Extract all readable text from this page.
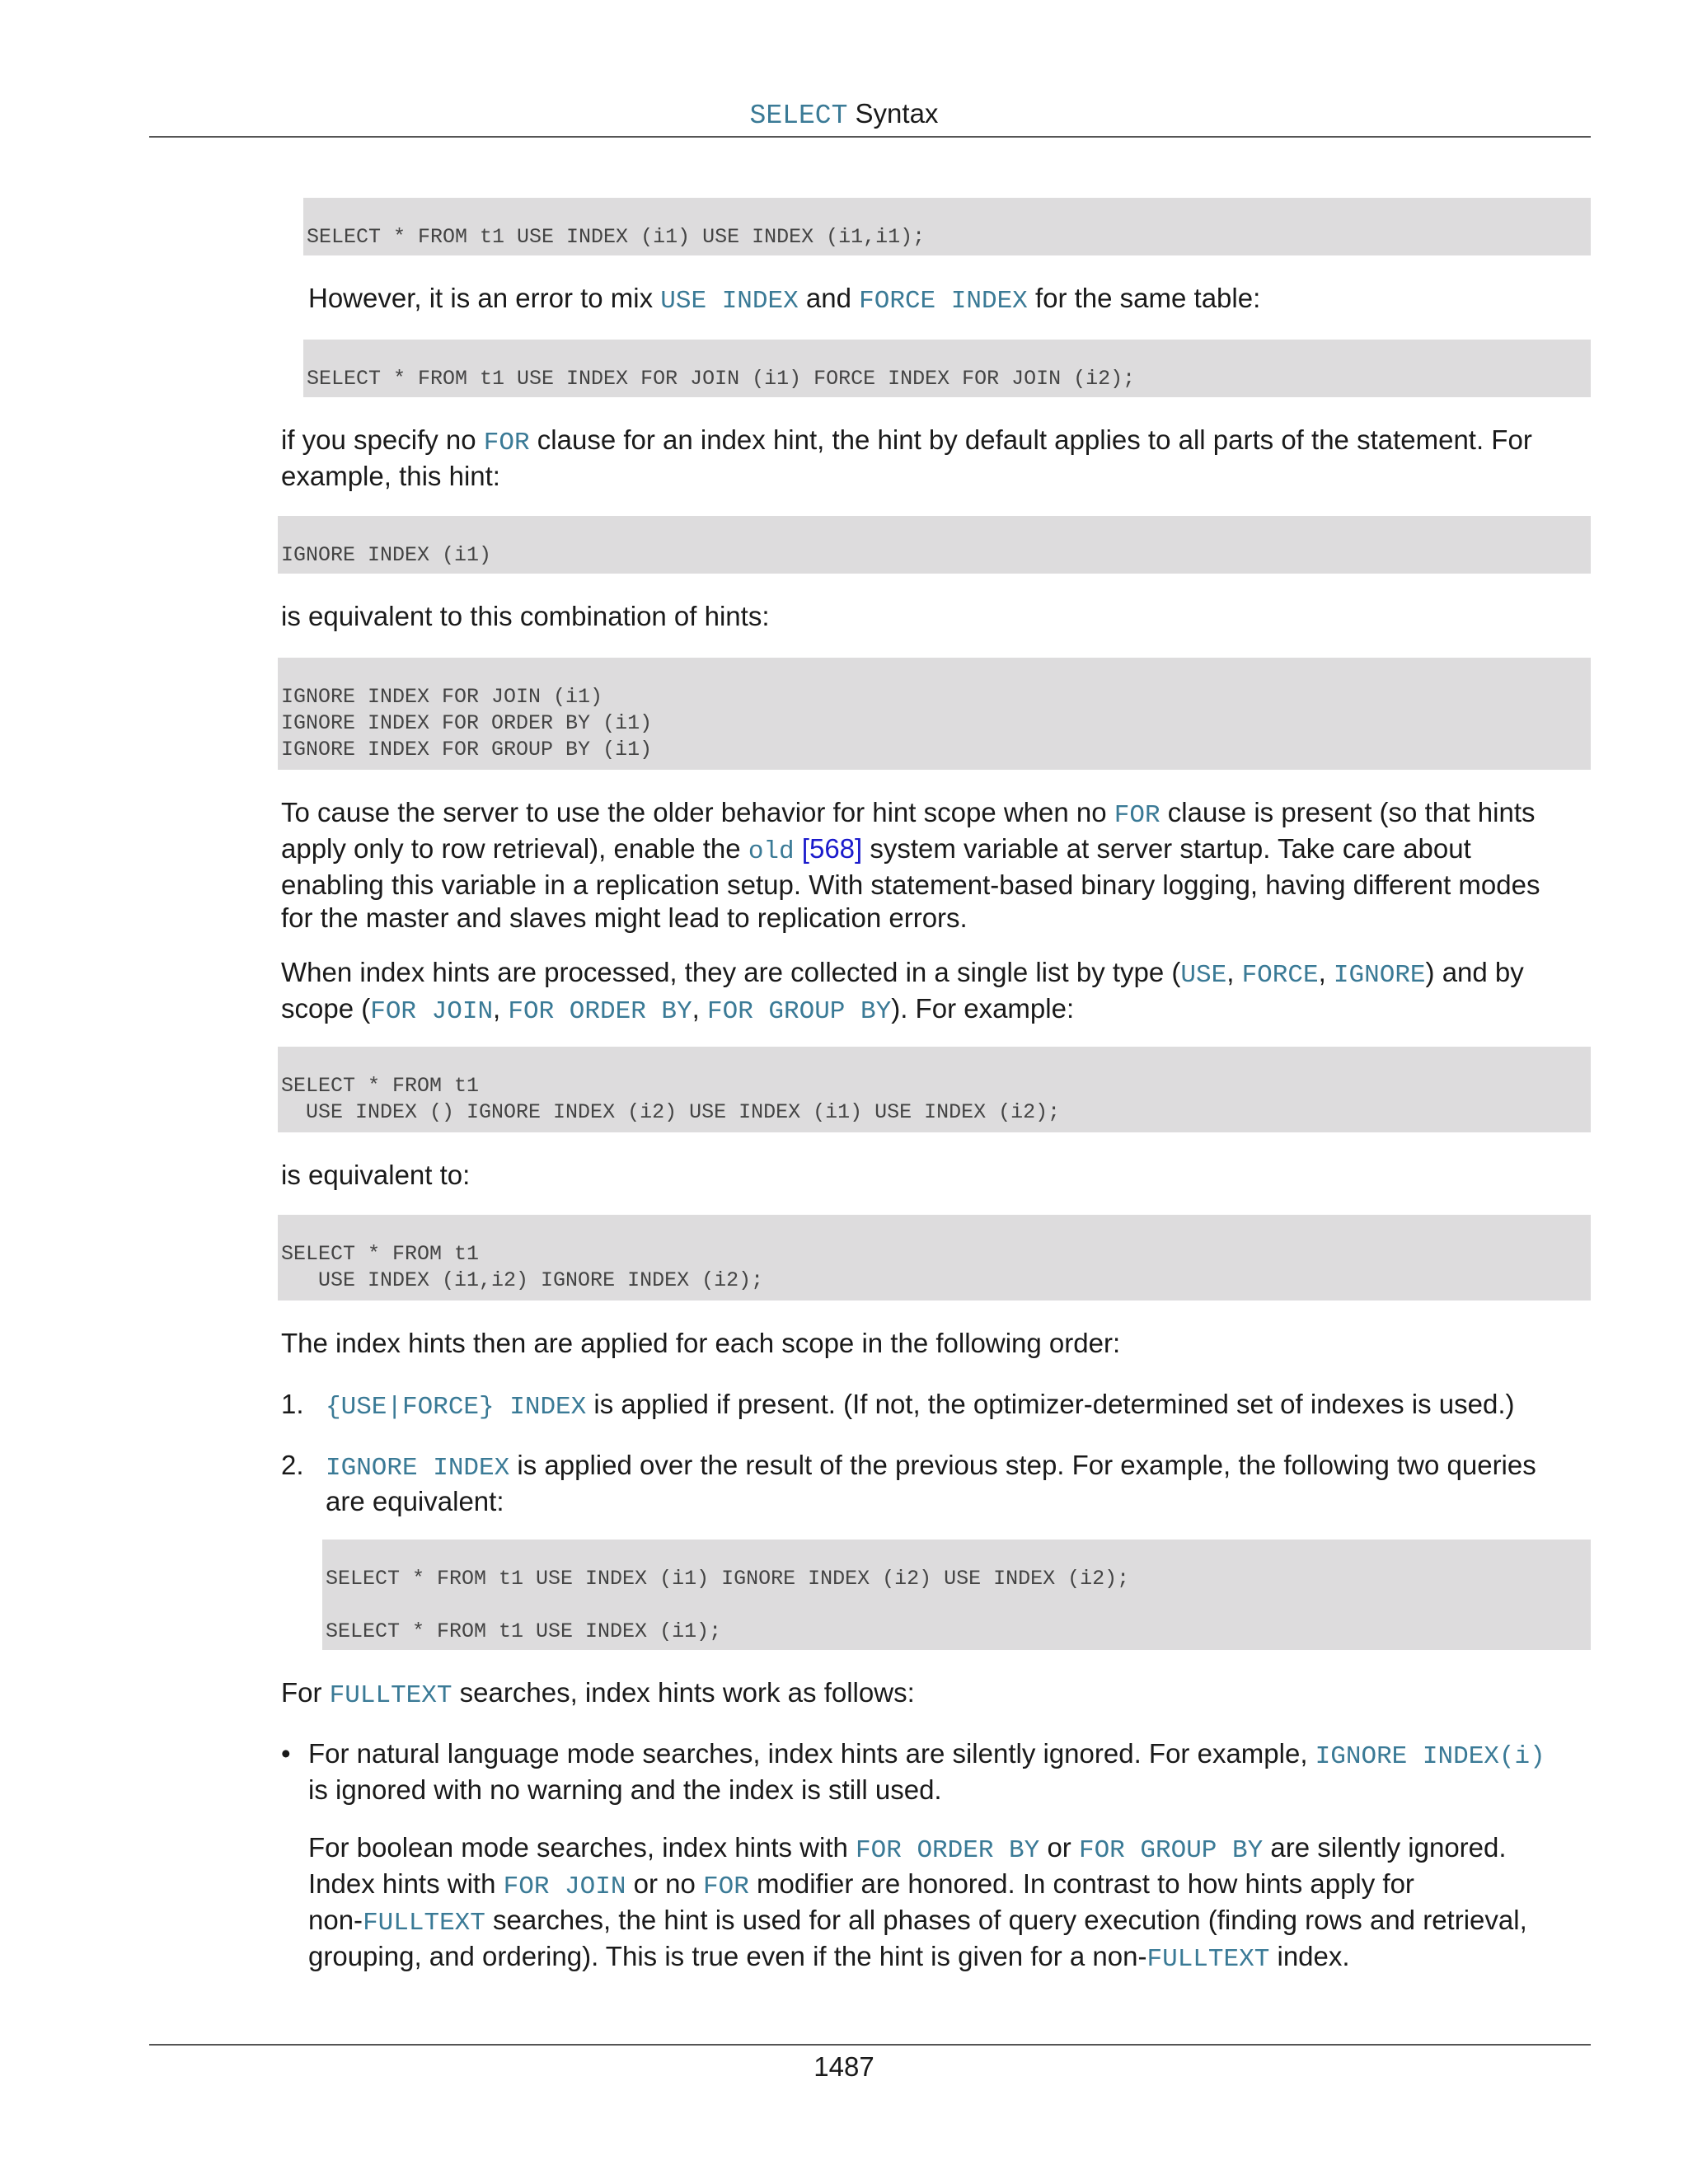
SELECT Syntax

SELECT * FROM t1 USE INDEX (i1) USE INDEX (i1,i1);

However, it is an error to mix USE INDEX and FORCE INDEX for the same table:

SELECT * FROM t1 USE INDEX FOR JOIN (i1) FORCE INDEX FOR JOIN (i2);

if you specify no FOR clause for an index hint, the hint by default applies to all parts of the statement. For
example, this hint:

IGNORE INDEX (i1)

is equivalent to this combination of hints:

IGNORE INDEX FOR JOIN (i1)

IGNORE INDEX FOR ORDER BY (i1)

IGNORE INDEX FOR GROUP BY (i1)

To cause the server to use the older behavior for hint scope when no FOR clause is present (so that hints
apply only to row retrieval), enable the old [568] system variable at server startup. Take care about
enabling this variable in a replication setup. With statement-based binary logging, having different modes
for the master and slaves might lead to replication errors.
When index hints are processed, they are collected in a single list by type (USE, FORCE, IGNORE) and by
scope (FOR JOIN, FOR ORDER BY, FOR GROUP BY). For example:

SELECT * FROM t1

USE INDEX () IGNORE INDEX (i2) USE INDEX (i1) USE INDEX (i2);

is equivalent to:

SELECT * FROM t1

USE INDEX (i1,i2) IGNORE INDEX (i2);

The index hints then are applied for each scope in the following order:
1. {USE|FORCE} INDEX is applied if present. (If not, the optimizer-determined set of indexes is used.)
2. IGNORE INDEX is applied over the result of the previous step. For example, the following two queries
are equivalent:

SELECT * FROM t1 USE INDEX (i1) IGNORE INDEX (i2) USE INDEX (i2);

SELECT * FROM t1 USE INDEX (i1);

For FULLTEXT searches, index hints work as follows:
• For natural language mode searches, index hints are silently ignored. For example, IGNORE INDEX(i)
is ignored with no warning and the index is still used.
For boolean mode searches, index hints with FOR ORDER BY or FOR GROUP BY are silently ignored.
Index hints with FOR JOIN or no FOR modifier are honored. In contrast to how hints apply for
non-FULLTEXT searches, the hint is used for all phases of query execution (finding rows and retrieval,
grouping, and ordering). This is true even if the hint is given for a non-FULLTEXT index.
1487
